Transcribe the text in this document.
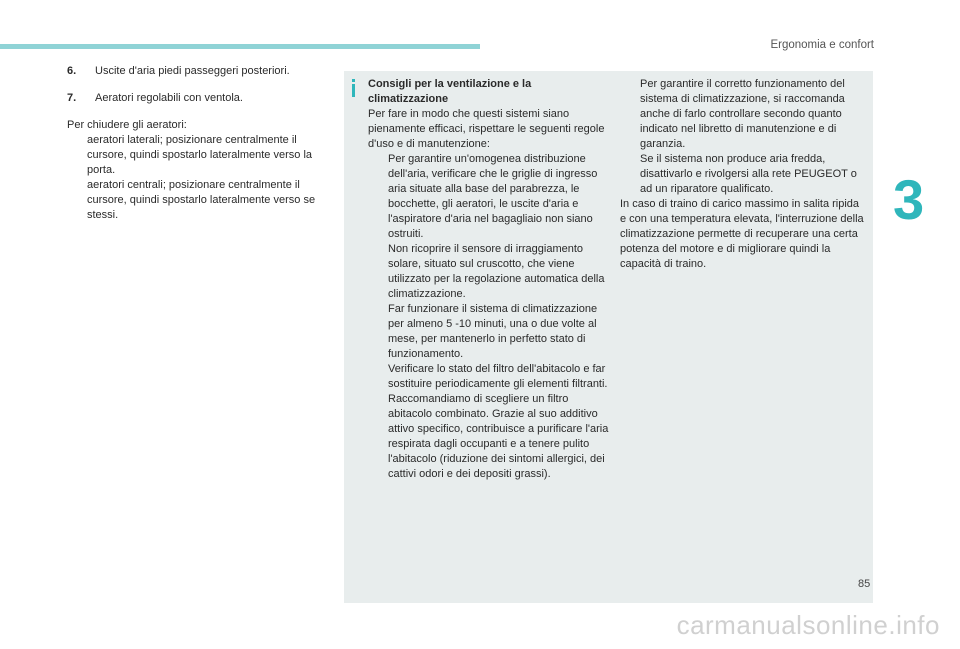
Ergonomia e confort
3
6.	Uscite d'aria piedi passeggeri posteriori.
7.	Aeratori regolabili con ventola.

Per chiudere gli aeratori:

aeratori laterali; posizionare centralmente il cursore, quindi spostarlo lateralmente verso la porta.
aeratori centrali; posizionare centralmente il cursore, quindi spostarlo lateralmente verso se stessi.

Consigli per la ventilazione e la climatizzazione

Per fare in modo che questi sistemi siano pienamente efficaci, rispettare le seguenti regole d'uso e di manutenzione:

Per garantire un'omogenea distribuzione dell'aria, verificare che le griglie di ingresso aria situate alla base del parabrezza, le bocchette, gli aeratori, le uscite d'aria e l'aspiratore d'aria nel bagagliaio non siano ostruiti.
Non ricoprire il sensore di irraggiamento solare, situato sul cruscotto, che viene utilizzato per la regolazione automatica della climatizzazione.
Far funzionare il sistema di climatizzazione per almeno 5 -10 minuti, una o due volte al mese, per mantenerlo in perfetto stato di funzionamento.
Verificare lo stato del filtro dell'abitacolo e far sostituire periodicamente gli elementi filtranti. Raccomandiamo di scegliere un filtro abitacolo combinato. Grazie al suo additivo attivo specifico, contribuisce a purificare l'aria respirata dagli occupanti e a tenere pulito l'abitacolo (riduzione dei sintomi allergici, dei cattivi odori e dei depositi grassi).
Per garantire il corretto funzionamento del sistema di climatizzazione, si raccomanda anche di farlo controllare secondo quanto indicato nel libretto di manutenzione e di garanzia.
Se il sistema non produce aria fredda, disattivarlo e rivolgersi alla rete PEUGEOT o ad un riparatore qualificato.

In caso di traino di carico massimo in salita ripida e con una temperatura elevata, l'interruzione della climatizzazione permette di recuperare una certa potenza del motore e di migliorare quindi la capacità di traino.

85
carmanualsonline.info
